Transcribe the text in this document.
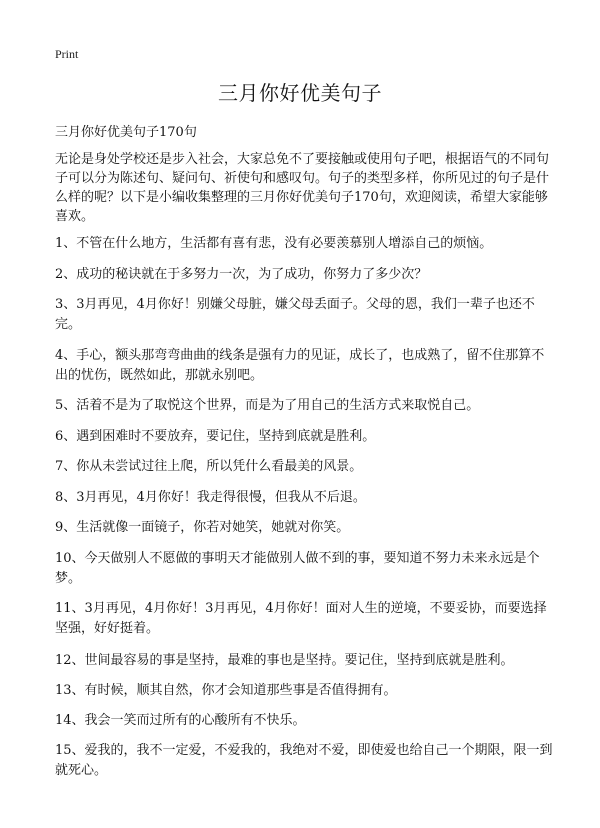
Print
三月你好优美句子
三月你好优美句子170句
无论是身处学校还是步入社会，大家总免不了要接触或使用句子吧，根据语气的不同句子可以分为陈述句、疑问句、祈使句和感叹句。句子的类型多样，你所见过的句子是什么样的呢？以下是小编收集整理的三月你好优美句子170句，欢迎阅读，希望大家能够喜欢。
1、不管在什么地方，生活都有喜有悲，没有必要羡慕别人增添自己的烦恼。
2、成功的秘诀就在于多努力一次，为了成功，你努力了多少次？
3、3月再见，4月你好！别嫌父母脏，嫌父母丢面子。父母的恩，我们一辈子也还不完。
4、手心，额头那弯弯曲曲的线条是强有力的见证，成长了，也成熟了，留不住那算不出的忧伤，既然如此，那就永别吧。
5、活着不是为了取悦这个世界，而是为了用自己的生活方式来取悦自己。
6、遇到困难时不要放弃，要记住，坚持到底就是胜利。
7、你从未尝试过往上爬，所以凭什么看最美的风景。
8、3月再见，4月你好！我走得很慢，但我从不后退。
9、生活就像一面镜子，你若对她笑，她就对你笑。
10、今天做别人不愿做的事明天才能做别人做不到的事，要知道不努力未来永远是个梦。
11、3月再见，4月你好！3月再见，4月你好！面对人生的逆境，不要妥协，而要选择坚强，好好挺着。
12、世间最容易的事是坚持，最难的事也是坚持。要记住，坚持到底就是胜利。
13、有时候，顺其自然，你才会知道那些事是否值得拥有。
14、我会一笑而过所有的心酸所有不快乐。
15、爱我的，我不一定爱，不爱我的，我绝对不爱，即使爱也给自己一个期限，限一到就死心。
